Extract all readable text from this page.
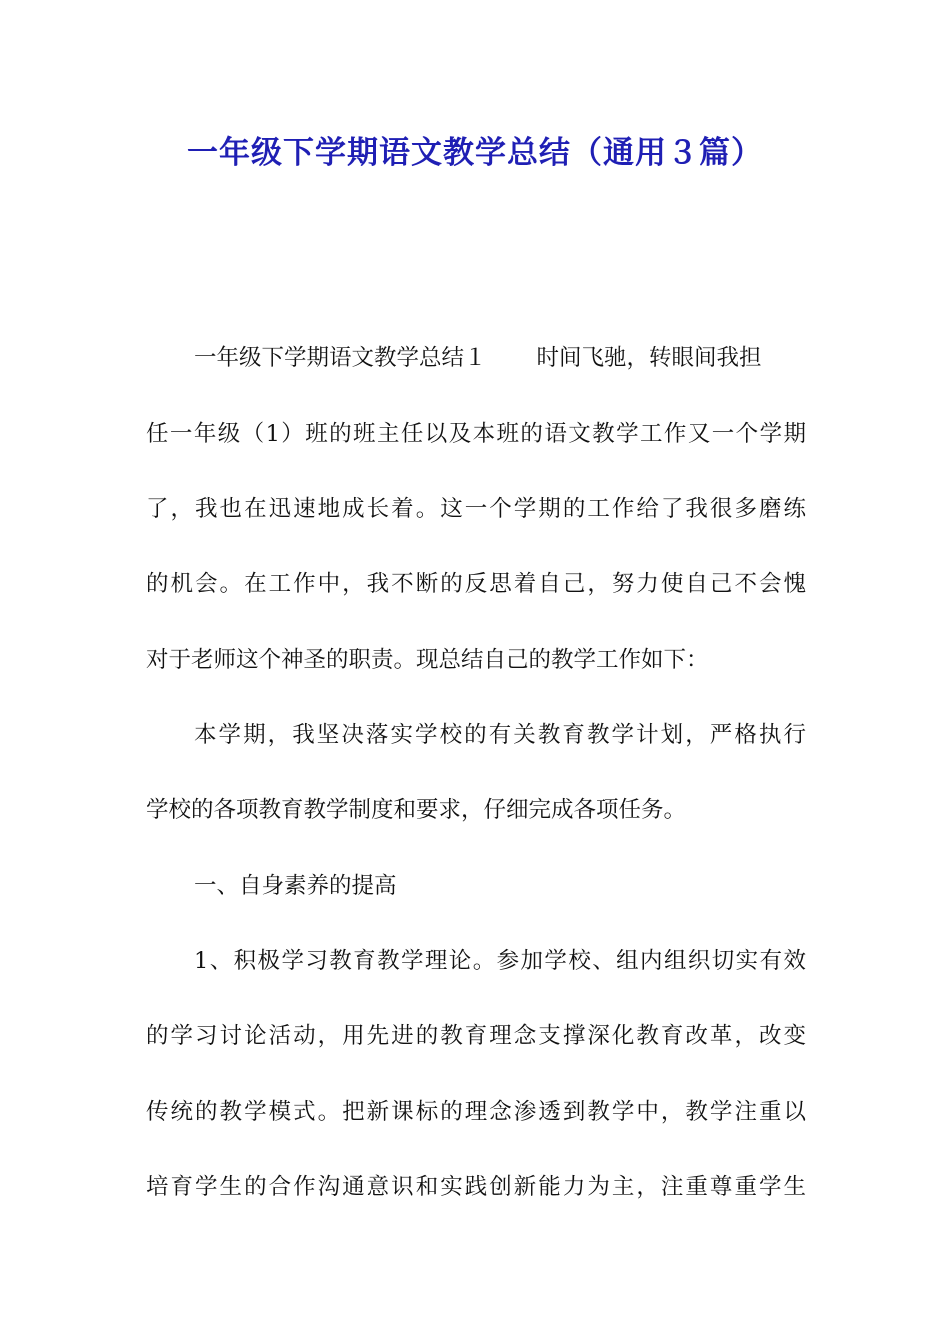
一年级下学期语文教学总结（通用３篇）
一年级下学期语文教学总结１ 时间飞驰，转眼间我担
任一年级（1）班的班主任以及本班的语文教学工作又一个学期
了，我也在迅速地成长着。这一个学期的工作给了我很多磨练
的机会。在工作中，我不断的反思着自己，努力使自己不会愧
对于老师这个神圣的职责。现总结自己的教学工作如下：
本学期，我坚决落实学校的有关教育教学计划，严格执行
学校的各项教育教学制度和要求，仔细完成各项任务。
一、自身素养的提高
1、积极学习教育教学理论。参加学校、组内组织切实有效
的学习讨论活动，用先进的教育理念支撑深化教育改革，改变
传统的教学模式。把新课标的理念渗透到教学中，教学注重以
培育学生的合作沟通意识和实践创新能力为主，注重尊重学生
